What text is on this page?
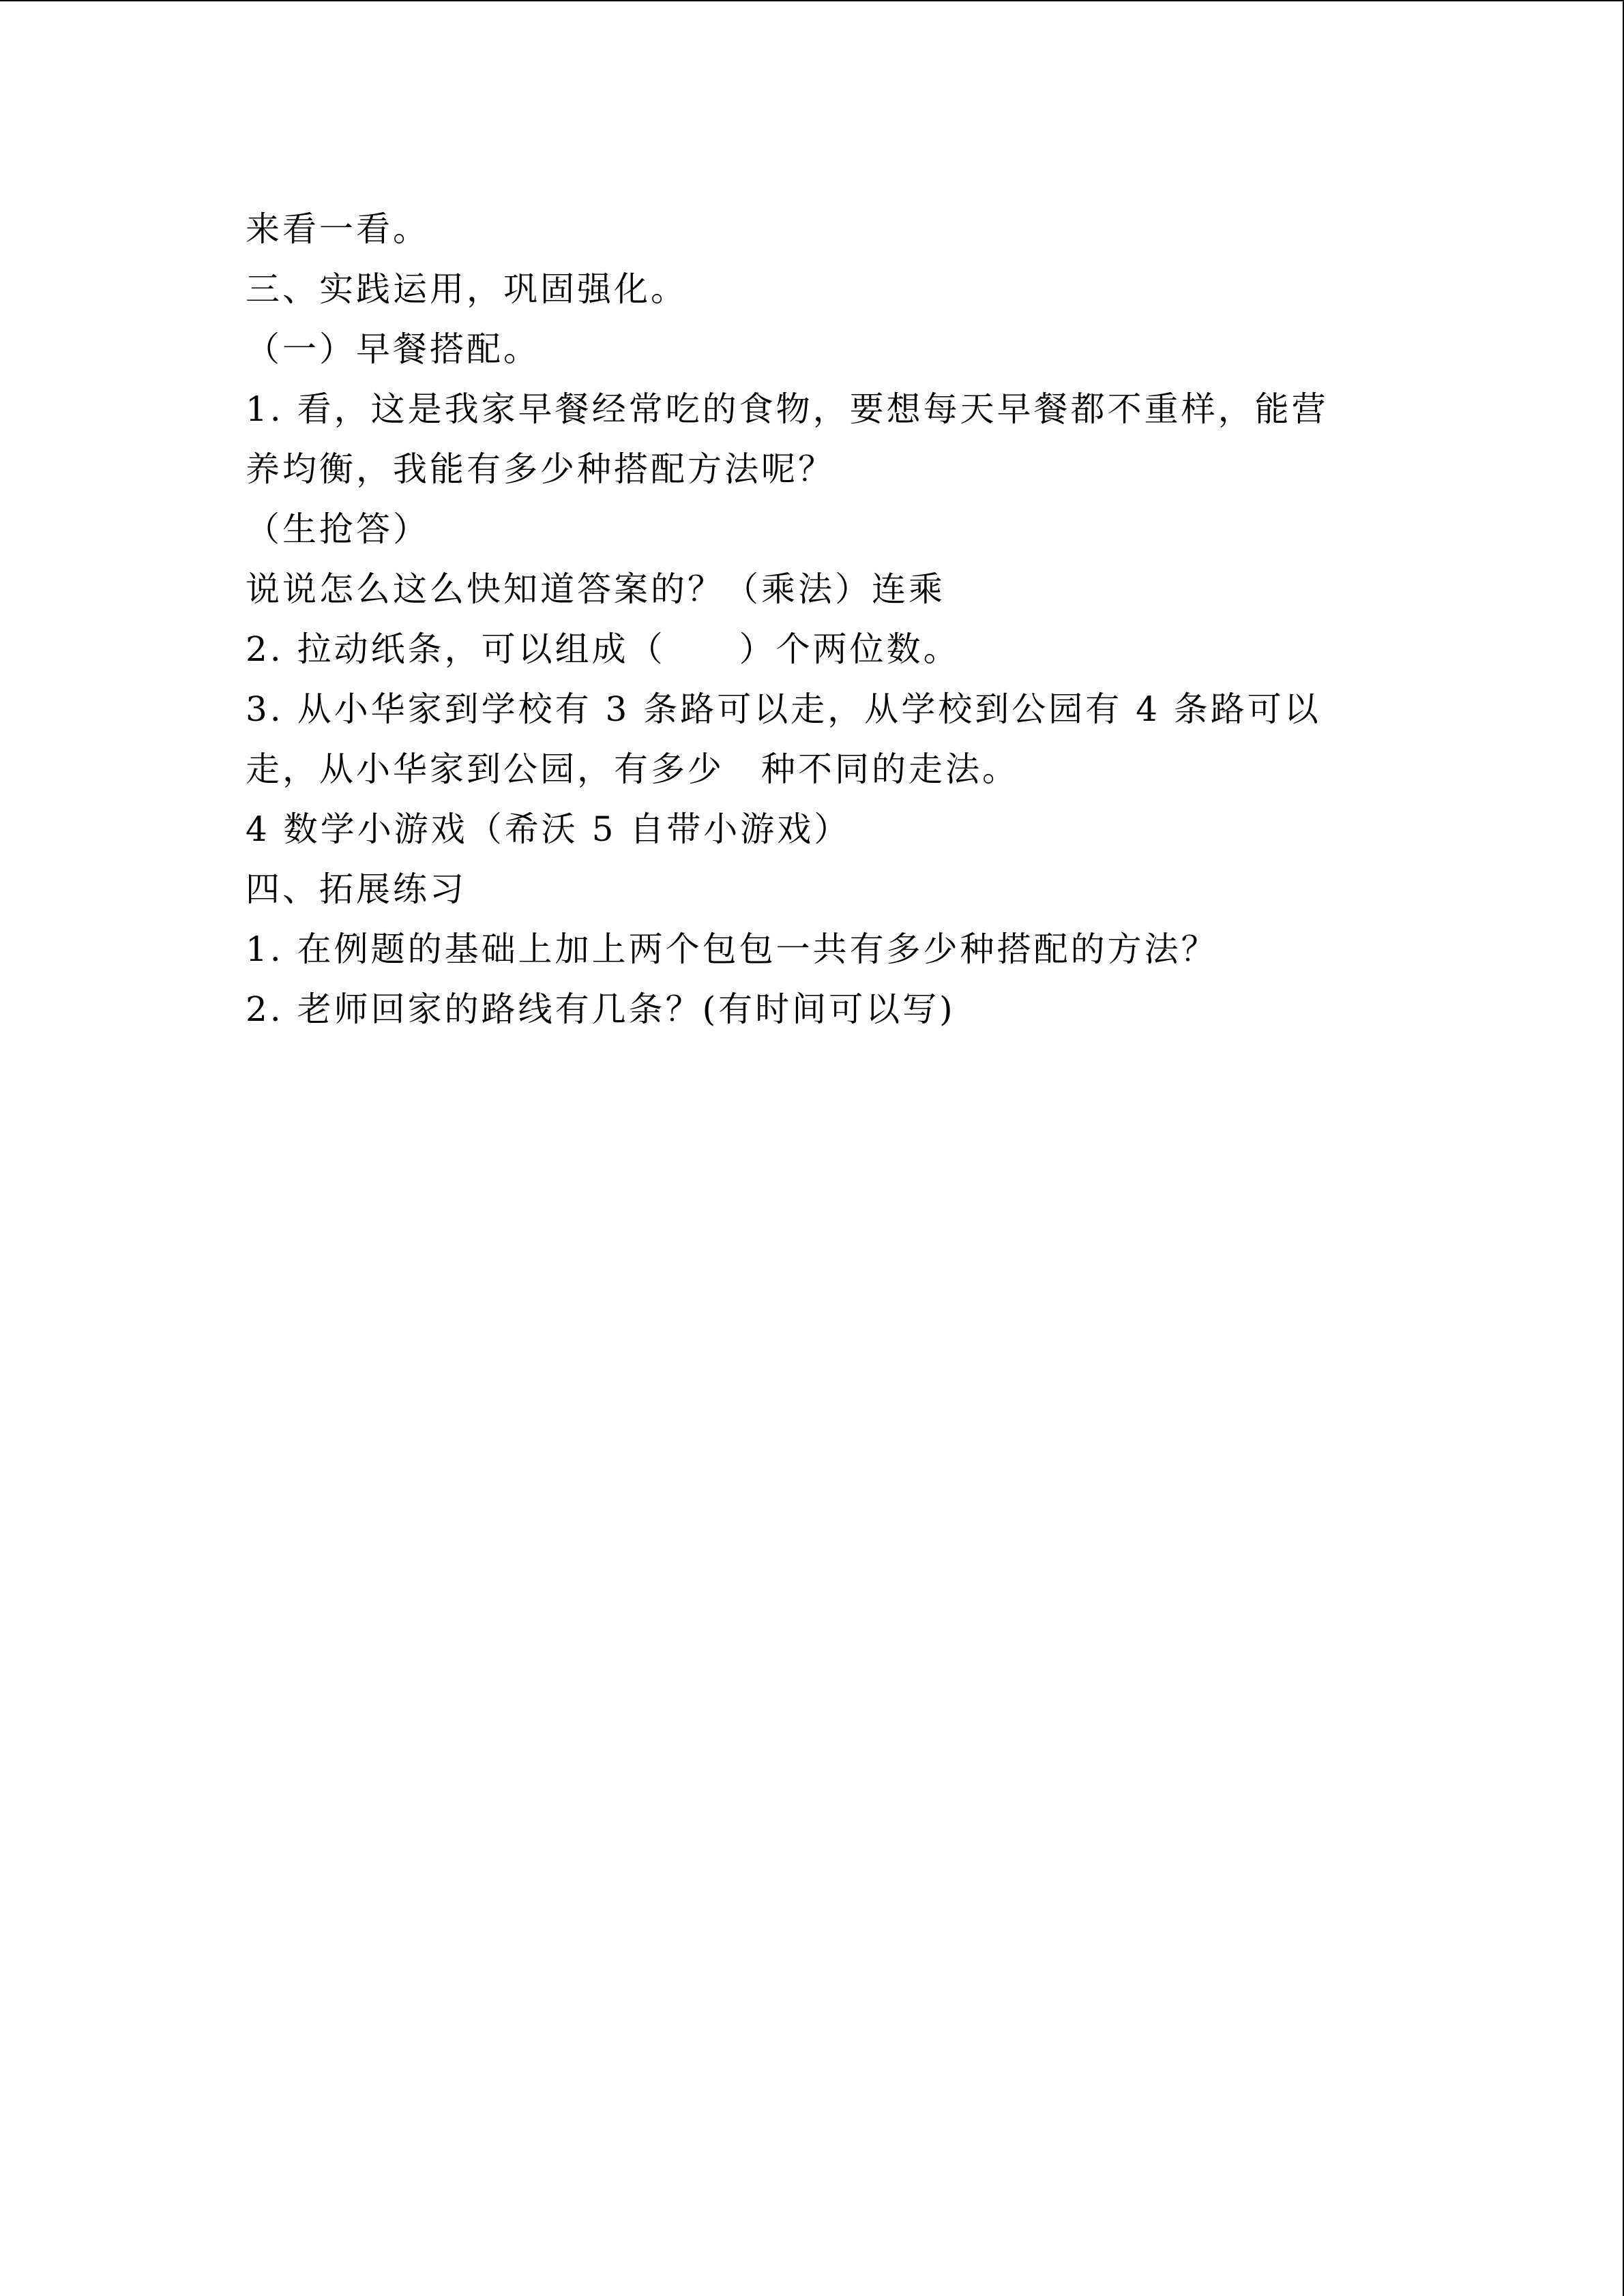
来看一看。
三、实践运用，巩固强化。
（一）早餐搭配。
1. 看，这是我家早餐经常吃的食物，要想每天早餐都不重样，能营
养均衡，我能有多少种搭配方法呢？
（生抢答）
说说怎么这么快知道答案的？（乘法）连乘
2. 拉动纸条，可以组成（　　）个两位数。
3. 从小华家到学校有 3 条路可以走，从学校到公园有 4 条路可以
走，从小华家到公园，有多少　种不同的走法。
4 数学小游戏（希沃 5 自带小游戏）
四、拓展练习
1. 在例题的基础上加上两个包包一共有多少种搭配的方法？
2. 老师回家的路线有几条？(有时间可以写)
